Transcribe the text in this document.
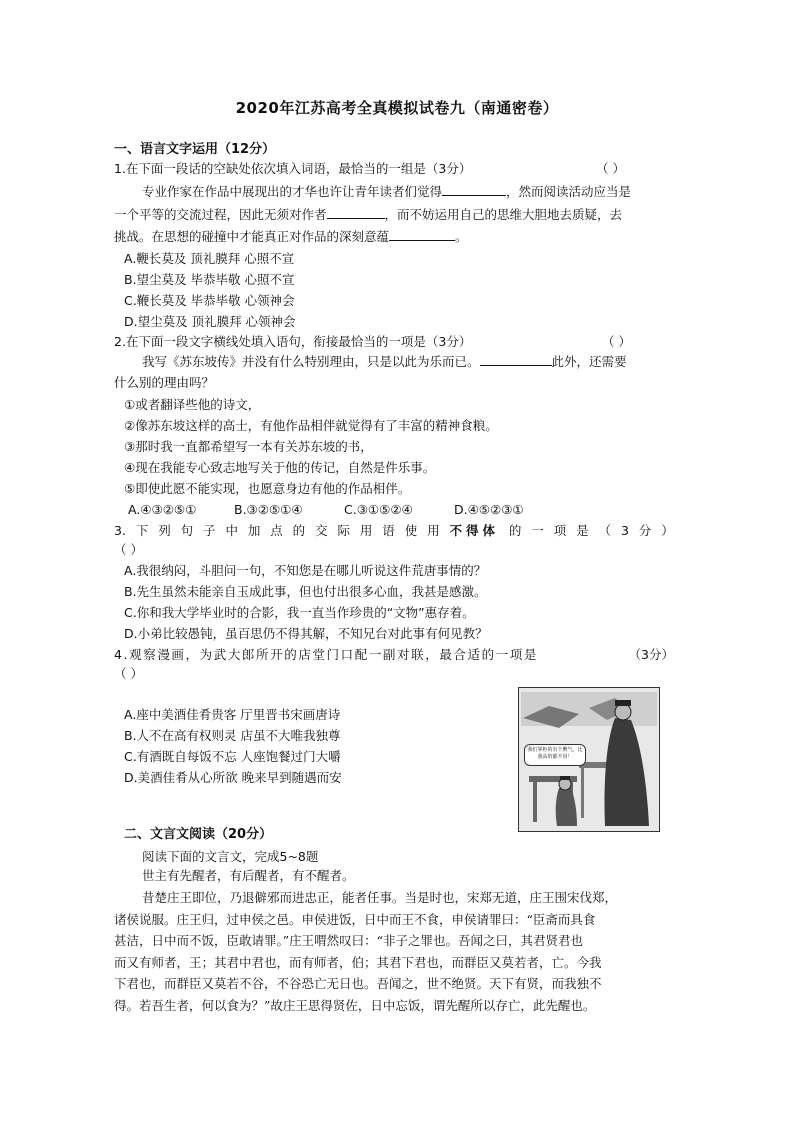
2020年江苏高考全真模拟试卷九（南通密卷）
一、语言文字运用（12分）
1.在下面一段话的空缺处依次填入词语，最恰当的一组是（3分）	（ ）
专业作家在作品中展现出的才华也许让青年读者们觉得	，然而阅读活动应当是
一个平等的交流过程，因此无须对作者	，而不妨运用自己的思维大胆地去质疑，去
挑战。在思想的碰撞中才能真正对作品的深刻意蕴	。
A.鞭长莫及 顶礼膜拜 心照不宣
B.望尘莫及 毕恭毕敬 心照不宣
C.鞭长莫及 毕恭毕敬 心领神会
D.望尘莫及 顶礼膜拜 心领神会
2.在下面一段文字横线处填入语句，衔接最恰当的一项是（3分）	（ ）
我写《苏东坡传》并没有什么特别理由，只是以此为乐而已。	此外，还需要
什么别的理由吗？
①或者翻译些他的诗文，
②像苏东坡这样的高士，有他作品相伴就觉得有了丰富的精神食粮。
③那时我一直都希望写一本有关苏东坡的书，
④现在我能专心致志地写关于他的传记，自然是件乐事。
⑤即使此愿不能实现，也愿意身边有他的作品相伴。
A.④③②⑤①	B.③②⑤①④	C.③①⑤②④	D.④⑤②③①
3. 下 列 句 子 中 加 点 的 交 际 用 语 使 用 不得体 的 一 项 是 （ 3 分 ）
（ ）
A.我很纳闷，斗胆问一句，不知您是在哪儿听说这件荒唐事情的？
B.先生虽然未能亲自玉成此事，但也付出很多心血，我甚是感激。
C.你和我大学毕业时的合影，我一直当作珍贵的“文物”惠存着。
D.小弟比较愚钝，虽百思仍不得其解，不知兄台对此事有何见教？
4.观察漫画，为武大郎所开的店堂门口配一副对联，最合适的一项是	（3分）
（ ）
A.座中美酒佳肴贵客 厅里晋书宋画唐诗
B.人不在高有权则灵 店虽不大唯我独尊
C.有酒既自每饭不忘 人座饱餐过门大嚼
D.美酒佳肴从心所欲 晚来早到随遇而安
我们掌柜的有个脾气，比我高的都不用！
二、文言文阅读（20分）
阅读下面的文言文，完成5~8题
世主有先醒者，有后醒者，有不醒者。
昔楚庄王即位，乃退僻邪而进忠正，能者任事。当是时也，宋郑无道，庄王围宋伐郑，
诸侯说服。庄王归，过申侯之邑。申侯进饭，日中而王不食，申侯请罪曰：“臣斋而具食
甚洁，日中而不饭，臣敢请罪。”庄王喟然叹曰：“非子之罪也。吾闻之曰，其君贤君也
而又有师者，王；其君中君也，而有师者，伯；其君下君也，而群臣又莫若者，亡。今我
下君也，而群臣又莫若不谷，不谷恐亡无日也。吾闻之，世不绝贤。天下有贤，而我独不
得。若吾生者，何以食为？”故庄王思得贤佐，日中忘饭，谓先醒所以存亡，此先醒也。
